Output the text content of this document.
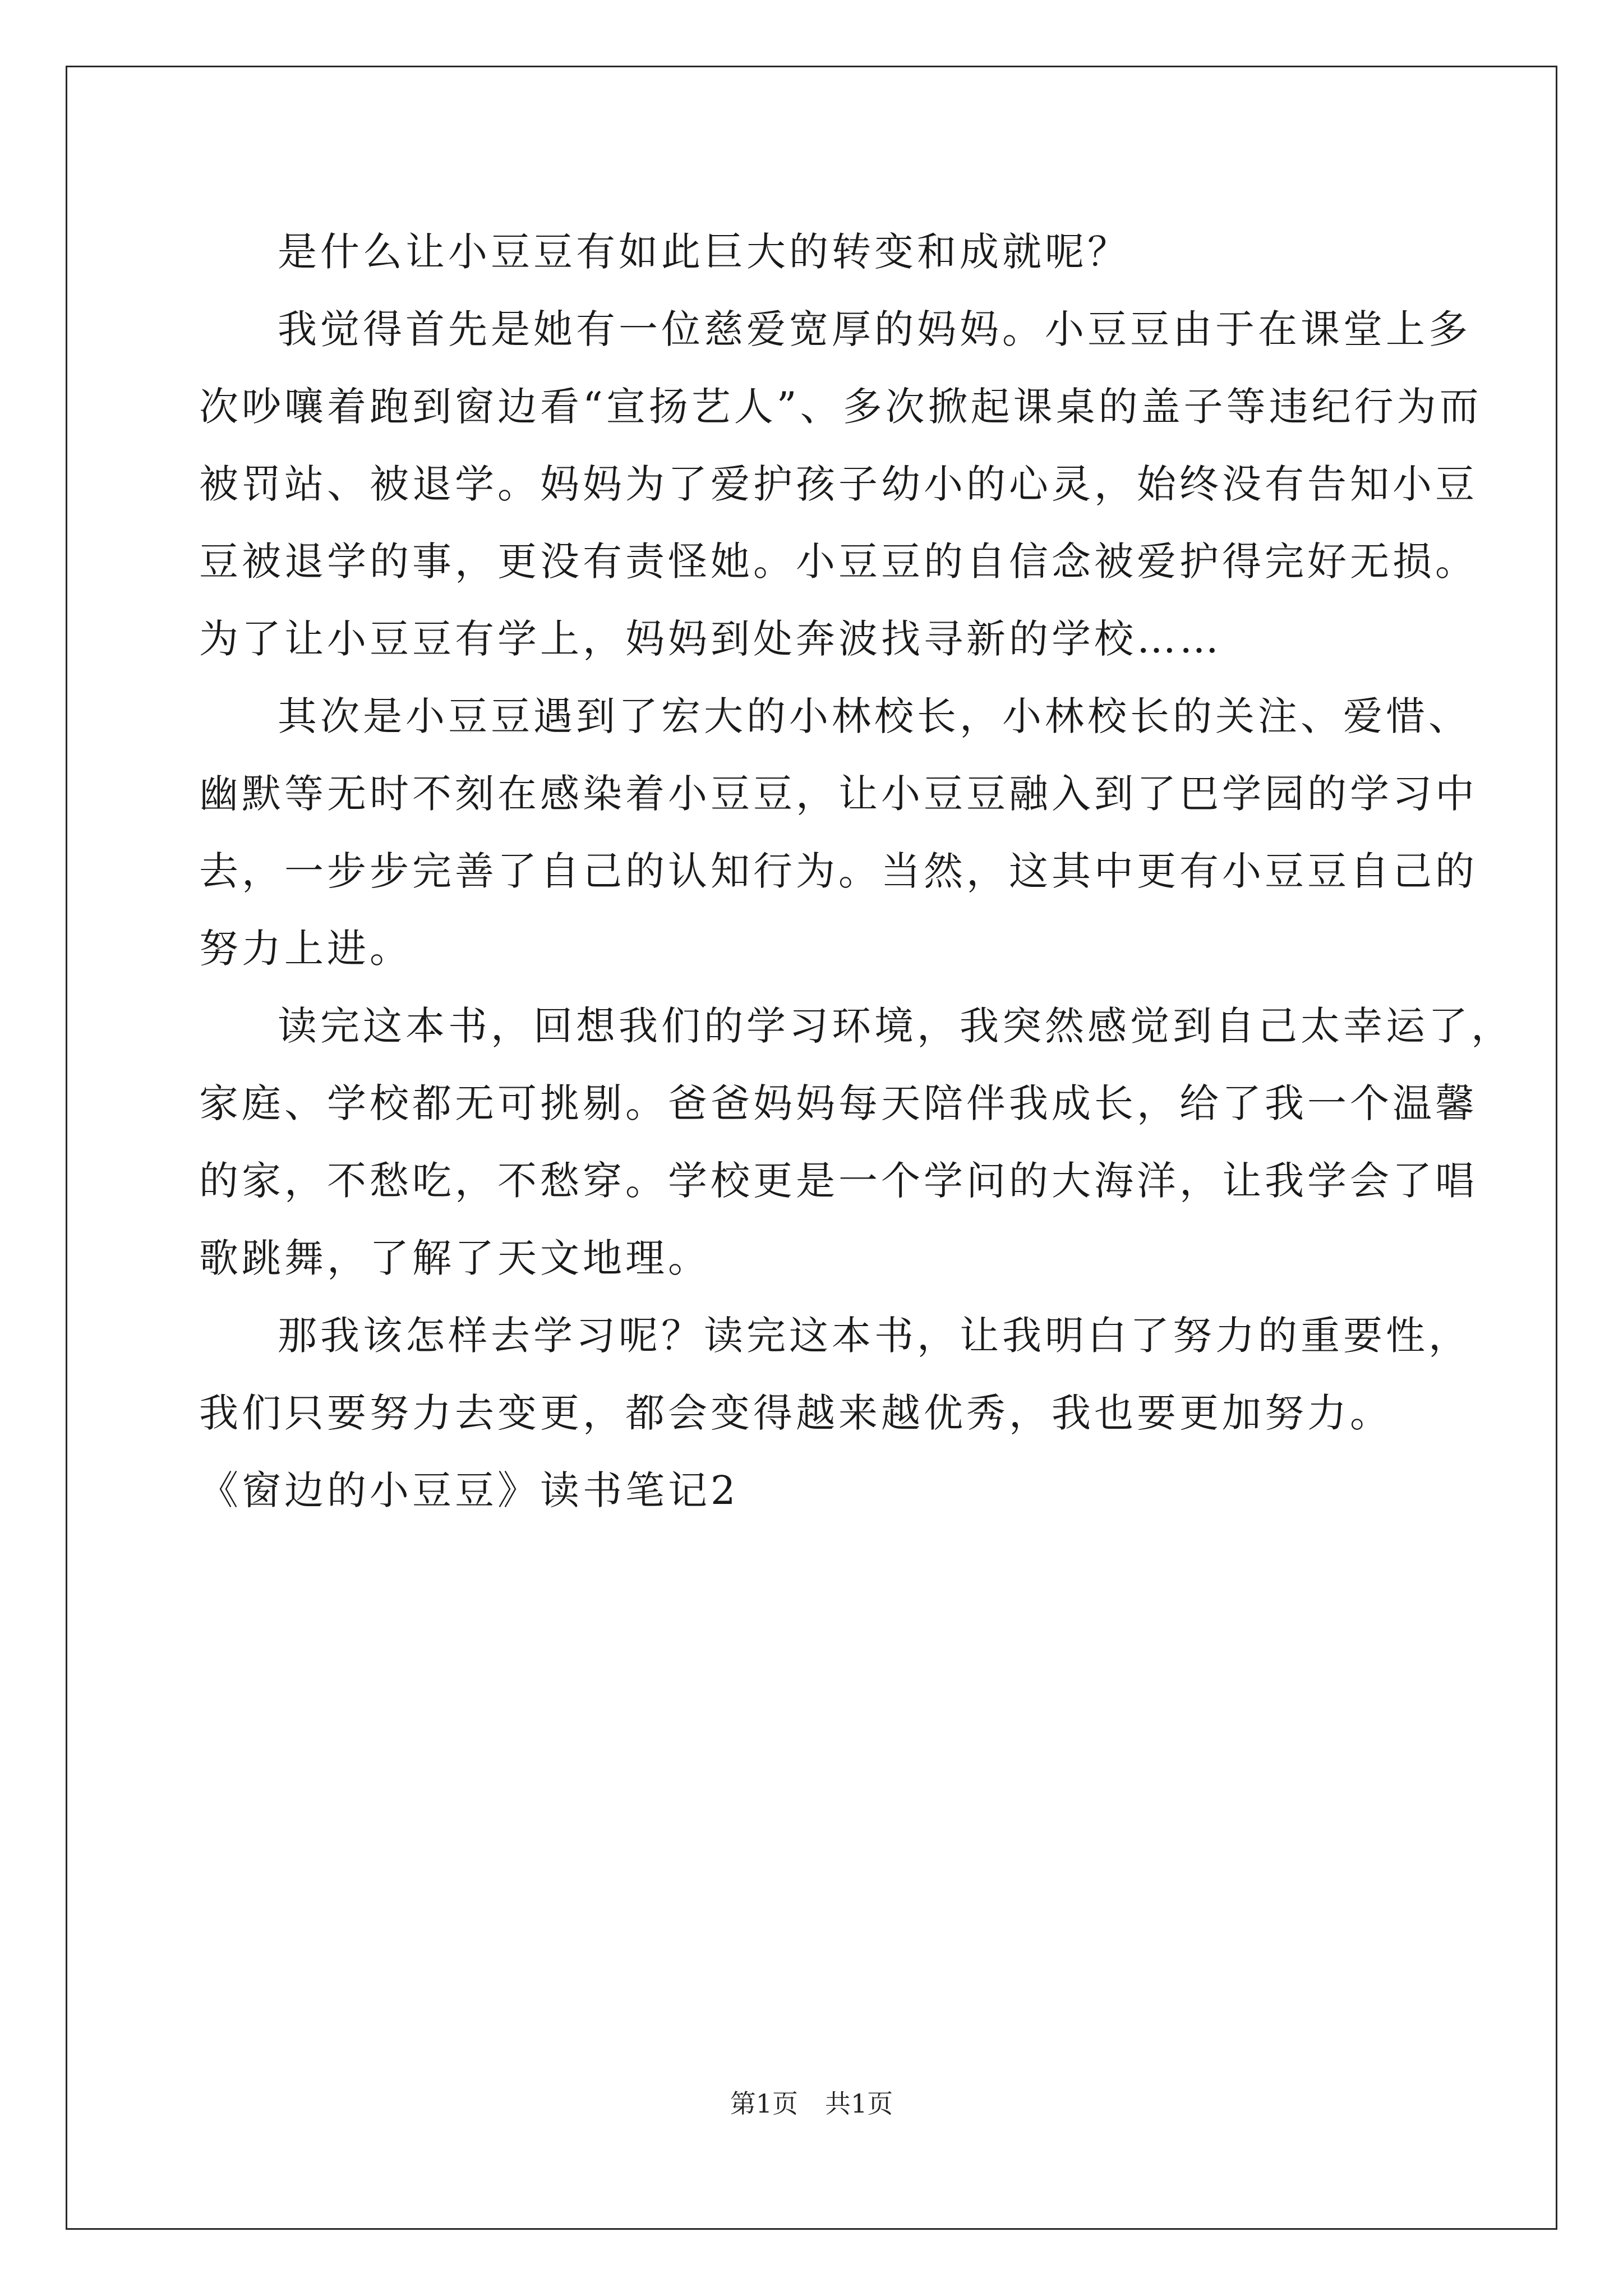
是什么让小豆豆有如此巨大的转变和成就呢？

我觉得首先是她有一位慈爱宽厚的妈妈。小豆豆由于在课堂上多
次吵嚷着跑到窗边看“宣扬艺人”、多次掀起课桌的盖子等违纪行为而
被罚站、被退学。妈妈为了爱护孩子幼小的心灵，始终没有告知小豆
豆被退学的事，更没有责怪她。小豆豆的自信念被爱护得完好无损。
为了让小豆豆有学上，妈妈到处奔波找寻新的学校……

其次是小豆豆遇到了宏大的小林校长，小林校长的关注、爱惜、
幽默等无时不刻在感染着小豆豆，让小豆豆融入到了巴学园的学习中
去，一步步完善了自己的认知行为。当然，这其中更有小豆豆自己的
努力上进。

读完这本书，回想我们的学习环境，我突然感觉到自己太幸运了，
家庭、学校都无可挑剔。爸爸妈妈每天陪伴我成长，给了我一个温馨
的家，不愁吃，不愁穿。学校更是一个学问的大海洋，让我学会了唱
歌跳舞，了解了天文地理。

那我该怎样去学习呢？读完这本书，让我明白了努力的重要性，
我们只要努力去变更，都会变得越来越优秀，我也要更加努力。

《窗边的小豆豆》读书笔记2

第1页 共1页
